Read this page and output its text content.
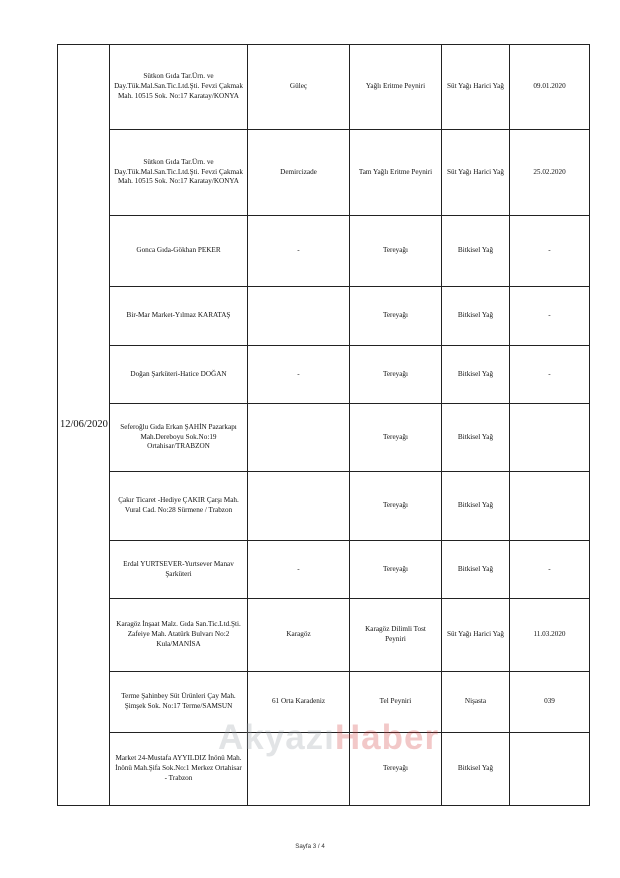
12/06/2020	Sütkon Gıda Tar.Ürn. ve Day.Tük.Mal.San.Tic.Ltd.Şti. Fevzi Çakmak Mah. 10515 Sok. No:17 Karatay/KONYA	Güleç	Yağlı Eritme Peyniri	Süt Yağı Harici Yağ	09.01.2020
	Sütkon Gıda Tar.Ürn. ve Day.Tük.Mal.San.Tic.Ltd.Şti. Fevzi Çakmak Mah. 10515 Sok. No:17 Karatay/KONYA	Demircizade	Tam Yağlı Eritme Peyniri	Süt Yağı Harici Yağ	25.02.2020
	Gonca Gıda-Gökhan PEKER	-	Tereyağı	Bitkisel Yağ	-
	Bir-Mar Market-Yılmaz KARATAŞ		Tereyağı	Bitkisel Yağ	-
	Doğan Şarküteri-Hatice DOĞAN	-	Tereyağı	Bitkisel Yağ	-
	Seferoğlu Gıda Erkan ŞAHİN Pazarkapı Mah.Dereboyu Sok.No:19 Ortahisar/TRABZON		Tereyağı	Bitkisel Yağ	
	Çakır Ticaret -Hediye ÇAKIR Çarşı Mah. Vural Cad. No:28 Sürmene / Trabzon		Tereyağı	Bitkisel Yağ	
	Erdal YURTSEVER-Yurtsever Manav Şarküteri	-	Tereyağı	Bitkisel Yağ	-
	Karagöz İnşaat Malz. Gıda San.Tic.Ltd.Şti. Zafeiye Mah. Atatürk Bulvarı No:2 Kula/MANİSA	Karagöz	Karagöz Dilimli Tost Peyniri	Süt Yağı Harici Yağ	11.03.2020
	Terme Şahinbey Süt Ürünleri Çay Mah. Şimşek Sok. No:17 Terme/SAMSUN	61 Orta Karadeniz	Tel Peyniri	Nişasta	039
	Market 24-Mustafa AYYILDIZ İnönü Mah. İnönü Mah.Şifa Sok.No:1 Merkez Ortahisar - Trabzon		Tereyağı	Bitkisel Yağ	
AkyazıHaber
Sayfa 3 / 4
